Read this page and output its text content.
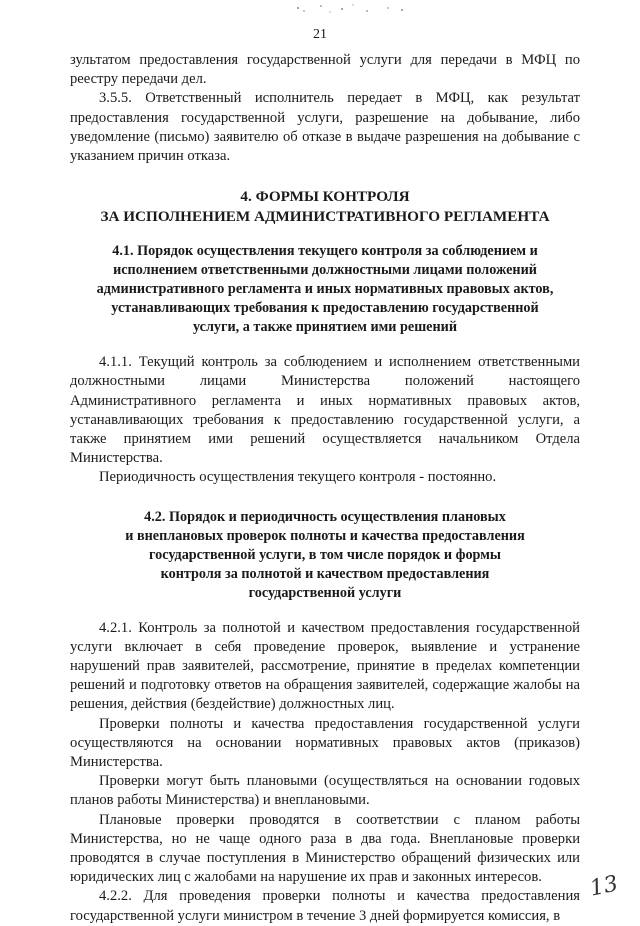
21

зультатом предоставления государственной услуги для передачи в МФЦ по реестру передачи дел.

3.5.5. Ответственный исполнитель передает в МФЦ, как результат предоставления государственной услуги, разрешение на добывание, либо уведомление (письмо) заявителю об отказе в выдаче разрешения на добывание с указанием причин отказа.

4. ФОРМЫ КОНТРОЛЯ

ЗА ИСПОЛНЕНИЕМ АДМИНИСТРАТИВНОГО РЕГЛАМЕНТА

4.1. Порядок осуществления текущего контроля за соблюдением и

исполнением ответственными должностными лицами положений

административного регламента и иных нормативных правовых актов,

устанавливающих требования к предоставлению государственной

услуги, а также принятием ими решений

4.1.1. Текущий контроль за соблюдением и исполнением ответственными должностными лицами Министерства положений настоящего Административного регламента и иных нормативных правовых актов, устанавливающих требования к предоставлению государственной услуги, а также принятием ими решений осуществляется начальником Отдела Министерства.

Периодичность осуществления текущего контроля - постоянно.

4.2. Порядок и периодичность осуществления плановых

и внеплановых проверок полноты и качества предоставления

государственной услуги, в том числе порядок и формы

контроля за полнотой и качеством предоставления

государственной услуги

4.2.1. Контроль за полнотой и качеством предоставления государственной услуги включает в себя проведение проверок, выявление и устранение нарушений прав заявителей, рассмотрение, принятие в пределах компетенции решений и подготовку ответов на обращения заявителей, содержащие жалобы на решения, действия (бездействие) должностных лиц.

Проверки полноты и качества предоставления государственной услуги осуществляются на основании нормативных правовых актов (приказов) Министерства.

Проверки могут быть плановыми (осуществляться на основании годовых планов работы Министерства) и внеплановыми.

Плановые проверки проводятся в соответствии с планом работы Министерства, но не чаще одного раза в два года. Внеплановые проверки проводятся в случае поступления в Министерство обращений физических или юридических лиц с жалобами на нарушение их прав и законных интересов.

4.2.2. Для проведения проверки полноты и качества предоставления государственной услуги министром в течение 3 дней формируется комиссия, в

13
